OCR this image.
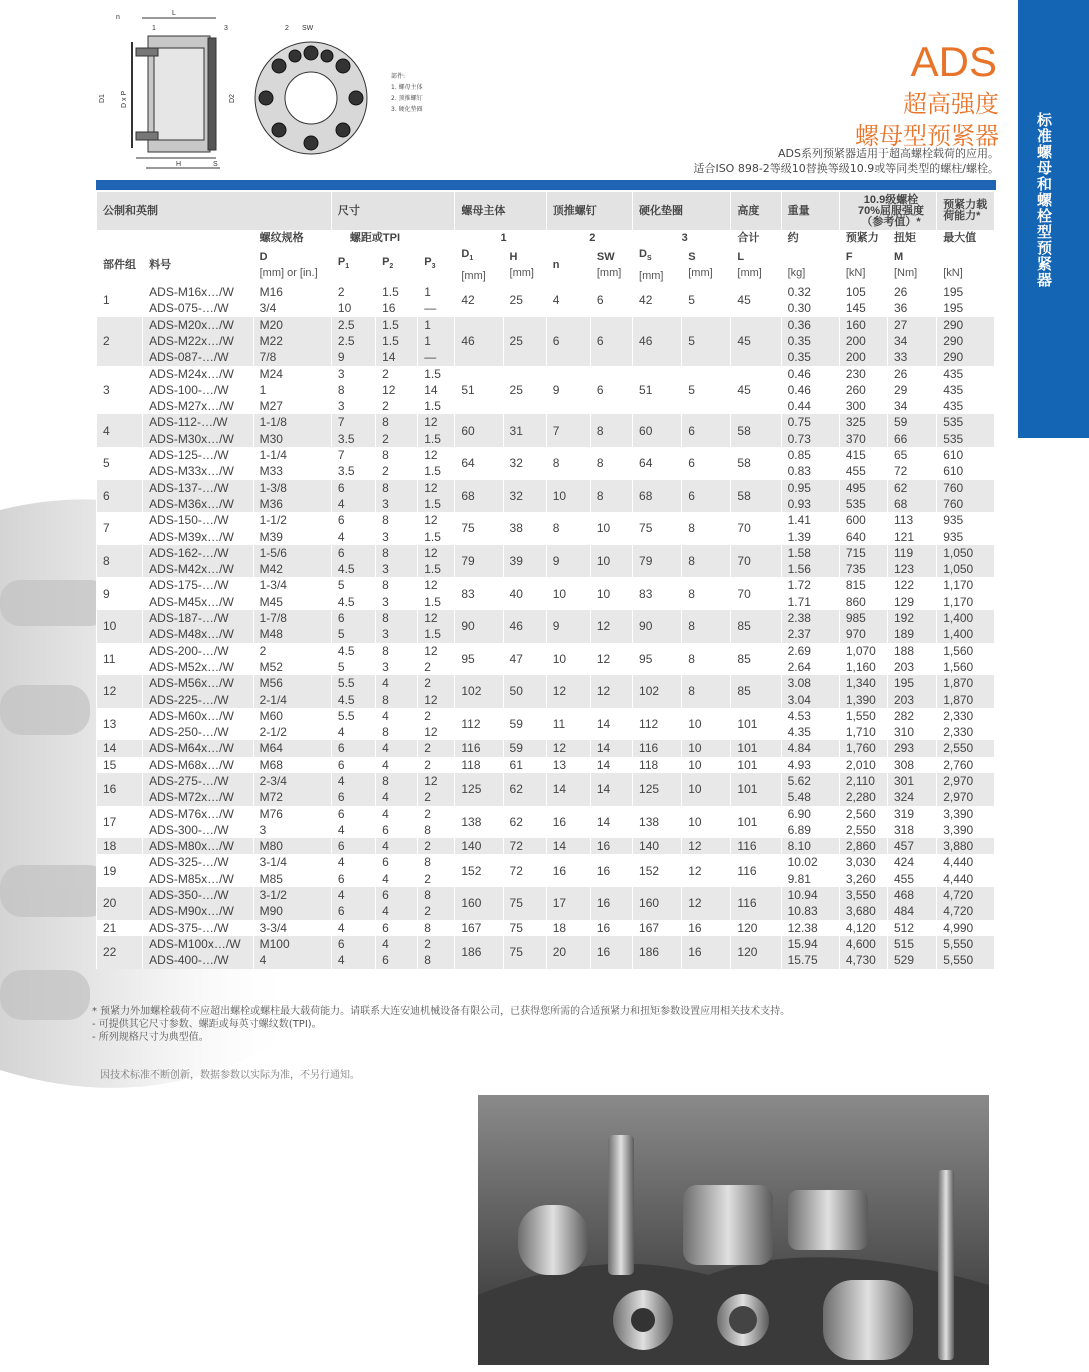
n
L
1	3
D1 D x P	D2
H	S
2 SW
部件:
1. 螺母主体
2. 顶推螺钉
3. 硬化垫圈
ADS
超高强度
螺母型预紧器
ADS系列预紧器适用于超高螺栓载荷的应用。
适合ISO 898-2等级10替换等级10.9或等同类型的螺柱/螺栓。 标准螺母和螺栓型预紧器
公制和英制			尺寸			螺母主体		顶推螺钉		硬化垫圈		高度	重量	10.9级螺栓
70%屈服强度
（参考值）*		预紧力载
荷能力*
		螺纹规格	螺距或TPI			1		2		3		合计	约	预紧力	扭矩	最大值
部件组	料号	D
[mm] or [in.]	$P_1$	$P_2$	$P_3$	$D_1$
[mm]	H
[mm]	n	SW
[mm]	$D_S$
[mm]	S
[mm]	L
[mm]	[kg]	F
[kN]	M
[Nm]	[kN]
1	ADS-M16x…/W	M16	2	1.5	1	42	25	4	6	42	5	45	0.32	105	26	195
	ADS-075-…/W	3/4	10	16	—								0.30	145	36	195
2	ADS-M20x…/W	M20	2.5	1.5	1	46	25	6	6	46	5	45	0.36	160	27	290
	ADS-M22x…/W	M22	2.5	1.5	1								0.35	200	34	290
	ADS-087-…/W	7/8	9	14	—								0.35	200	33	290
3	ADS-M24x…/W	M24	3	2	1.5	51	25	9	6	51	5	45	0.46	230	26	435
	ADS-100-…/W	1	8	12	14								0.46	260	29	435
	ADS-M27x…/W	M27	3	2	1.5								0.44	300	34	435
4	ADS-112-…/W	1-1/8	7	8	12	60	31	7	8	60	6	58	0.75	325	59	535
	ADS-M30x…/W	M30	3.5	2	1.5								0.73	370	66	535
5	ADS-125-…/W	1-1/4	7	8	12	64	32	8	8	64	6	58	0.85	415	65	610
	ADS-M33x…/W	M33	3.5	2	1.5								0.83	455	72	610
6	ADS-137-…/W	1-3/8	6	8	12	68	32	10	8	68	6	58	0.95	495	62	760
	ADS-M36x…/W	M36	4	3	1.5								0.93	535	68	760
7	ADS-150-…/W	1-1/2	6	8	12	75	38	8	10	75	8	70	1.41	600	113	935
	ADS-M39x…/W	M39	4	3	1.5								1.39	640	121	935
8	ADS-162-…/W	1-5/6	6	8	12	79	39	9	10	79	8	70	1.58	715	119	1,050
	ADS-M42x…/W	M42	4.5	3	1.5								1.56	735	123	1,050
9	ADS-175-…/W	1-3/4	5	8	12	83	40	10	10	83	8	70	1.72	815	122	1,170
	ADS-M45x…/W	M45	4.5	3	1.5								1.71	860	129	1,170
10	ADS-187-…/W	1-7/8	6	8	12	90	46	9	12	90	8	85	2.38	985	192	1,400
	ADS-M48x…/W	M48	5	3	1.5								2.37	970	189	1,400
11	ADS-200-…/W	2	4.5	8	12	95	47	10	12	95	8	85	2.69	1,070	188	1,560
	ADS-M52x…/W	M52	5	3	2								2.64	1,160	203	1,560
12	ADS-M56x…/W	M56	5.5	4	2	102	50	12	12	102	8	85	3.08	1,340	195	1,870
	ADS-225-…/W	2-1/4	4.5	8	12								3.04	1,390	203	1,870
13	ADS-M60x…/W	M60	5.5	4	2	112	59	11	14	112	10	101	4.53	1,550	282	2,330
	ADS-250-…/W	2-1/2	4	8	12								4.35	1,710	310	2,330
14	ADS-M64x…/W	M64	6	4	2	116	59	12	14	116	10	101	4.84	1,760	293	2,550
15	ADS-M68x…/W	M68	6	4	2	118	61	13	14	118	10	101	4.93	2,010	308	2,760
16	ADS-275-…/W	2-3/4	4	8	12	125	62	14	14	125	10	101	5.62	2,110	301	2,970
	ADS-M72x…/W	M72	6	4	2								5.48	2,280	324	2,970
17	ADS-M76x…/W	M76	6	4	2	138	62	16	14	138	10	101	6.90	2,560	319	3,390
	ADS-300-…/W	3	4	6	8								6.89	2,550	318	3,390
18	ADS-M80x…/W	M80	6	4	2	140	72	14	16	140	12	116	8.10	2,860	457	3,880
19	ADS-325-…/W	3-1/4	4	6	8	152	72	16	16	152	12	116	10.02	3,030	424	4,440
	ADS-M85x…/W	M85	6	4	2								9.81	3,260	455	4,440
20	ADS-350-…/W	3-1/2	4	6	8	160	75	17	16	160	12	116	10.94	3,550	468	4,720
	ADS-M90x…/W	M90	6	4	2								10.83	3,680	484	4,720
21	ADS-375-…/W	3-3/4	4	6	8	167	75	18	16	167	16	120	12.38	4,120	512	4,990
22	ADS-M100x…/W	M100	6	4	2	186	75	20	16	186	16	120	15.94	4,600	515	5,550
	ADS-400-…/W	4	4	6	8								15.75	4,730	529	5,550
* 预紧力外加螺栓载荷不应超出螺栓或螺柱最大载荷能力。请联系大连安迪机械设备有限公司，已获得您所需的合适预紧力和扭矩参数设置应用相关技术支持。
- 可提供其它尺寸参数、螺距或每英寸螺纹数(TPI)。
- 所列规格尺寸为典型值。
因技术标准不断创新，数据参数以实际为准，不另行通知。
